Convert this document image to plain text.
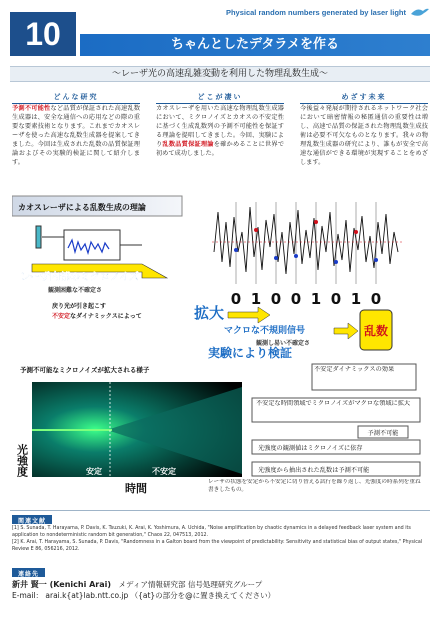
10
Physical random numbers generated by laser light
ちゃんとしたデタラメを作る
～レーザ光の高速乱雑変動を利用した物理乱数生成～
どんな研究
予測不可能性など品質が保証された高速乱数生成器は、安全な通信への応用などの際の重要な要素技術となります。これまでカオスレーザを使った高速な乱数生成器を提案してきました。今回は生成された乱数の品質保証理論およびその実験的検証に関して紹介します。
どこが凄い
カオスレーザを用いた高速な物理乱数生成器において、ミクロノイズとカオスの不安定性に基づく生成乱数列の予測不可能性を保証する理論を提唱してきました。今回、実験により乱数品質保証理論を確かめることに世界で初めて成功しました。
めざす未来
今後益々発展が期待されるネットワーク社会において暗密情報の秘匿通信の重要性は増し、高速で品質の保証された物理乱数生成技術は必要不可欠なものとなります。我々の物理乱数生成器の研究により、誰もが安全で高速な通信ができる環境が実現することをめざします。
カオスレーザによる乱数生成の理論
レーザ内部のミクロノイズ
観測困難な不確定さ	0 1 0 0 1 0 1 0
戻り光が引き起こす
不安定なダイナミックスによって	拡大
マクロな不規則信号
観測し易い不確定さ
乱数
実験により検証
予測不可能なミクロノイズが拡大される様子
光強度	安定	不安定
時間
不安定ダイナミックスの効果
不安定な時間領域でミクロノイズがマクロな領域に拡大
予測不可能
光強度の観測値はミクロノイズに依存
光強度から抽出された乱数は予測不可能
レーザの状態を安定から不安定に切り替える試行を繰り返し、光強度の時系列を重ね書きしたもの。
関連文献
[1] S. Sunada, T. Harayama, P. Davis, K. Tsuzuki, K. Arai, K. Yoshimura, A. Uchida, "Noise amplification by chaotic dynamics in a delayed feedback laser system and its application to nondeterministic random bit generation," Chaos 22, 047513, 2012.
[2] K. Arai, T. Harayama, S. Sunada, P. Davis, "Randomness in a Galton board from the viewpoint of predictability: Sensitivity and statistical bias of output states," Physical Review E 86, 056216, 2012.
連絡先
新井 賢一 (Kenichi Arai)　 メディア情報研究部 信号処理研究グループ
E-mail： arai.k{at}lab.ntt.co.jp （{at}の部分を@に置き換えてください）
